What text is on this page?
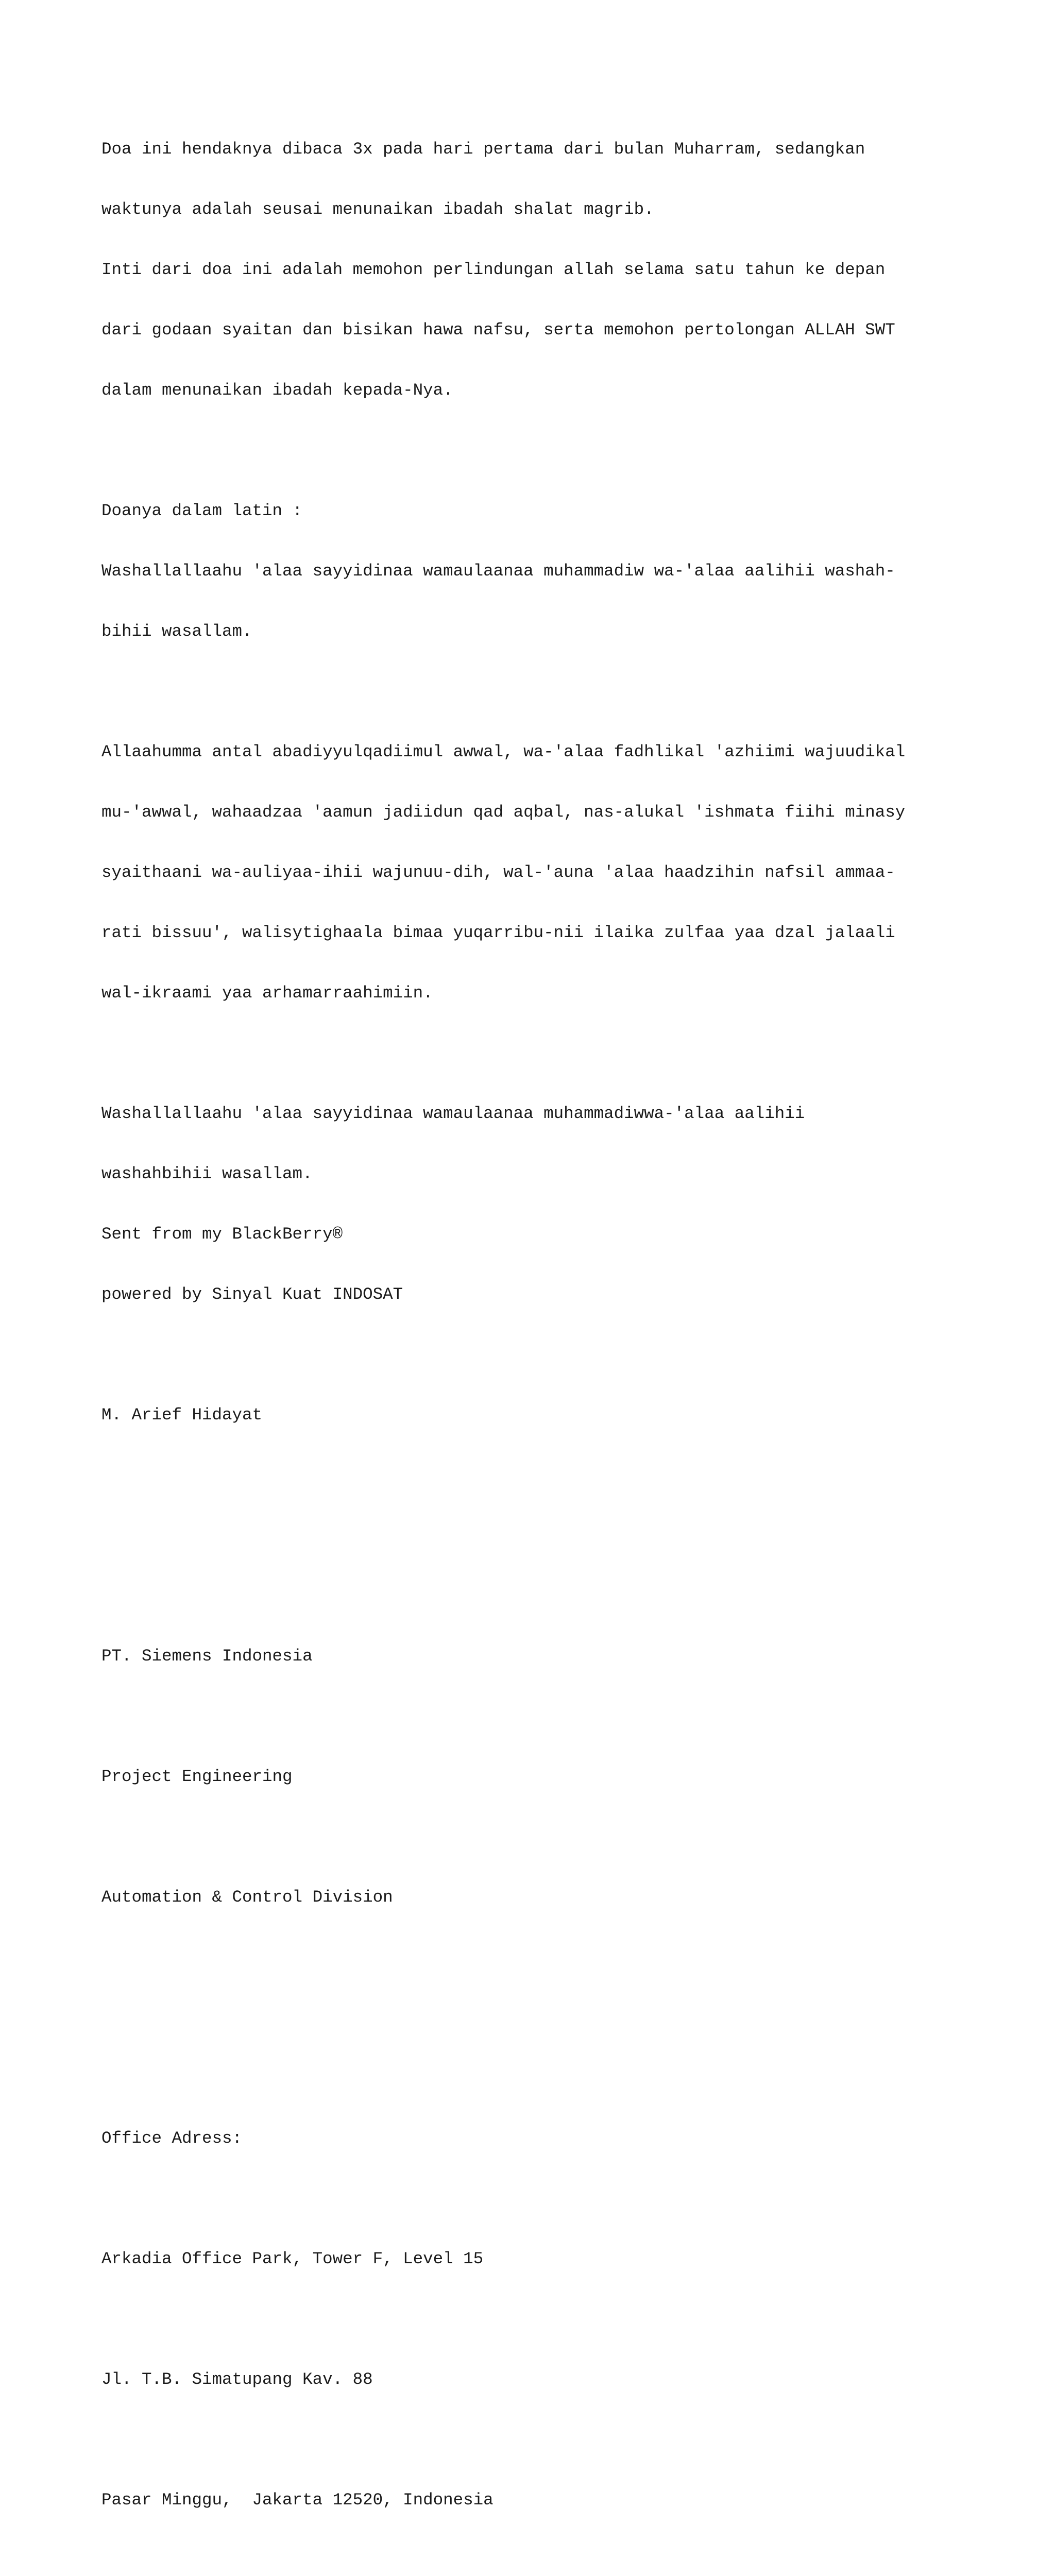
Doa ini hendaknya dibaca 3x pada hari pertama dari bulan Muharram, sedangkan

waktunya adalah seusai menunaikan ibadah shalat magrib.

Inti dari doa ini adalah memohon perlindungan allah selama satu tahun ke depan

dari godaan syaitan dan bisikan hawa nafsu, serta memohon pertolongan ALLAH SWT

dalam menunaikan ibadah kepada-Nya.

Doanya dalam latin :

Washallallaahu 'alaa sayyidinaa wamaulaanaa muhammadiw wa-'alaa aalihii washah-

bihii wasallam.

Allaahumma antal abadiyyulqadiimul awwal, wa-'alaa fadhlikal 'azhiimi wajuudikal

mu-'awwal, wahaadzaa 'aamun jadiidun qad aqbal, nas-alukal 'ishmata fiihi minasy

syaithaani wa-auliyaa-ihii wajunuu-dih, wal-'auna 'alaa haadzihin nafsil ammaa-

rati bissuu', walisytighaala bimaa yuqarribu-nii ilaika zulfaa yaa dzal jalaali

wal-ikraami yaa arhamarraahimiin.

Washallallaahu 'alaa sayyidinaa wamaulaanaa muhammadiwwa-'alaa aalihii

washahbihii wasallam.

Sent from my BlackBerry®

powered by Sinyal Kuat INDOSAT

M. Arief Hidayat

PT. Siemens Indonesia

Project Engineering

Automation & Control Division

Office Adress:

Arkadia Office Park, Tower F, Level 15

Jl. T.B. Simatupang Kav. 88

Pasar Minggu,  Jakarta 12520, Indonesia
